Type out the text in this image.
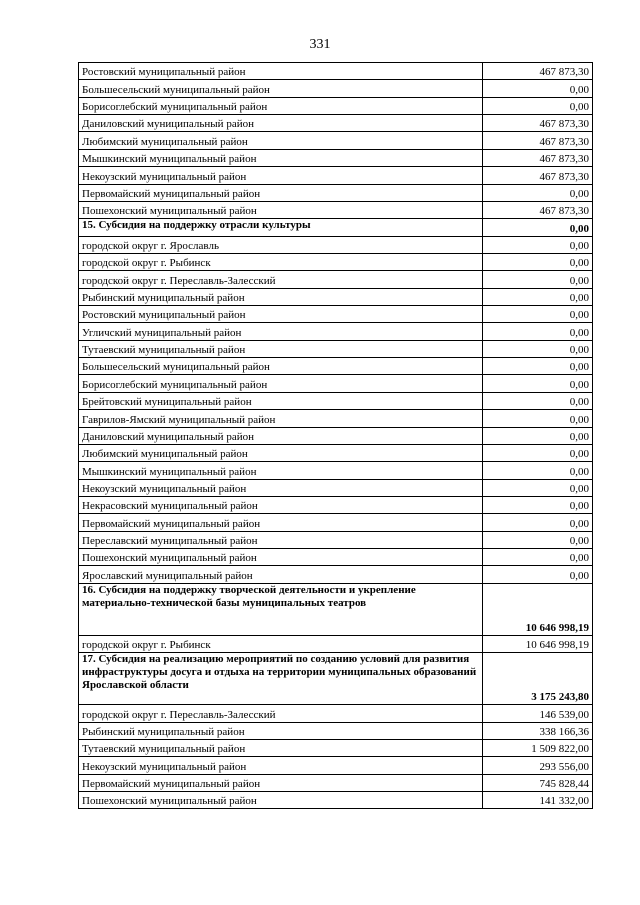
331
Ростовский муниципальный район	467 873,30
Большесельский муниципальный район	0,00
Борисоглебский муниципальный район	0,00
Даниловский муниципальный район	467 873,30
Любимский муниципальный район	467 873,30
Мышкинский муниципальный район	467 873,30
Некоузский муниципальный район	467 873,30
Первомайский муниципальный район	0,00
Пошехонский муниципальный район	467 873,30
15. Субсидия на поддержку отрасли культуры	0,00
городской округ г. Ярославль	0,00
городской округ г. Рыбинск	0,00
городской округ г. Переславль-Залесский	0,00
Рыбинский муниципальный район	0,00
Ростовский муниципальный район	0,00
Угличский муниципальный район	0,00
Тутаевский муниципальный район	0,00
Большесельский муниципальный район	0,00
Борисоглебский муниципальный район	0,00
Брейтовский муниципальный район	0,00
Гаврилов-Ямский муниципальный район	0,00
Даниловский муниципальный район	0,00
Любимский муниципальный район	0,00
Мышкинский муниципальный район	0,00
Некоузский муниципальный район	0,00
Некрасовский муниципальный район	0,00
Первомайский муниципальный район	0,00
Переславский муниципальный район	0,00
Пошехонский муниципальный район	0,00
Ярославский муниципальный район	0,00
16. Субсидия на поддержку творческой деятельности и укрепление материально-технической базы муниципальных театров	10 646 998,19
городской округ г. Рыбинск	10 646 998,19
17. Субсидия на реализацию мероприятий по созданию условий для развития инфраструктуры досуга и отдыха на территории муниципальных образований Ярославской области	3 175 243,80
городской округ г. Переславль-Залесский	146 539,00
Рыбинский муниципальный район	338 166,36
Тутаевский муниципальный район	1 509 822,00
Некоузский муниципальный район	293 556,00
Первомайский муниципальный район	745 828,44
Пошехонский муниципальный район	141 332,00
